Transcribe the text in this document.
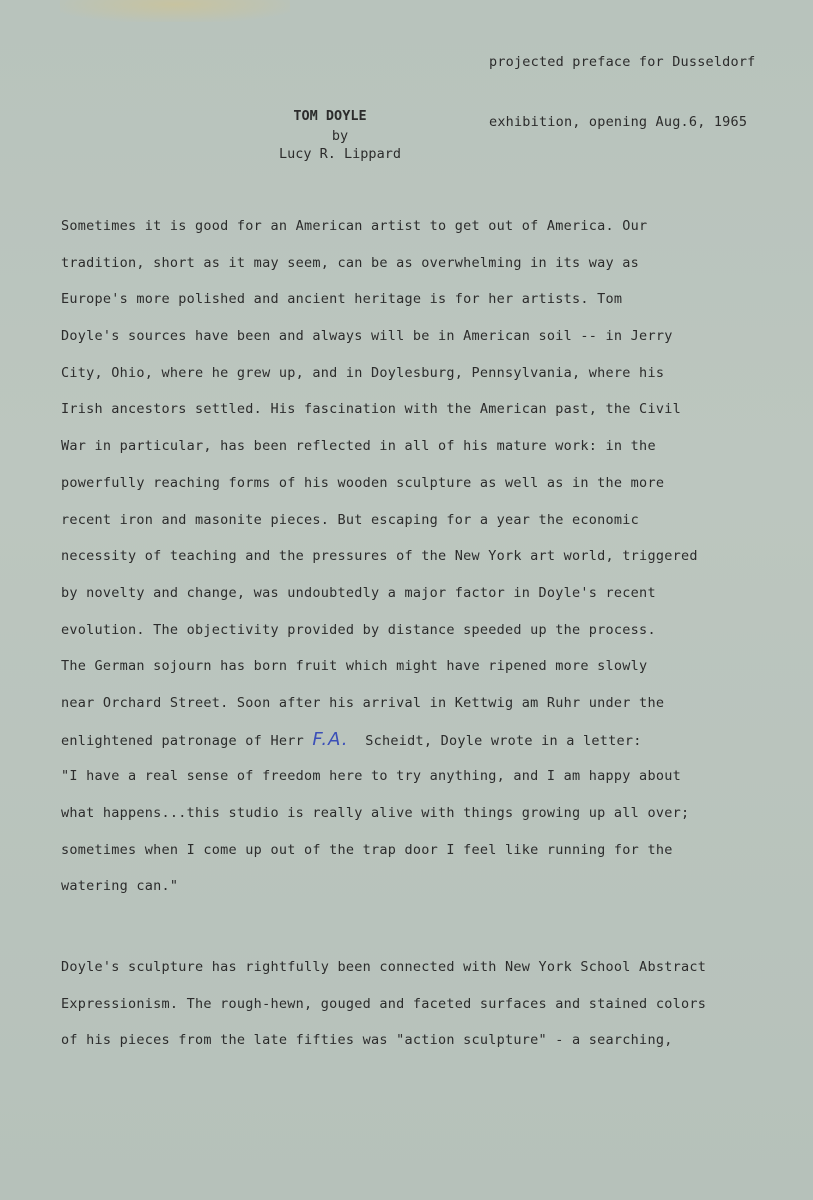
projected preface for Dusseldorf

exhibition, opening Aug.6, 1965

TOM DOYLE
by
Lucy R. Lippard
Sometimes it is good for an American artist to get out of America. Our
tradition, short as it may seem, can be as overwhelming in its way as
Europe's more polished and ancient heritage is for her artists. Tom
Doyle's sources have been and always will be in American soil -- in Jerry
City, Ohio, where he grew up, and in Doylesburg, Pennsylvania, where his
Irish ancestors settled. His fascination with the American past, the Civil
War in particular, has been reflected in all of his mature work: in the
powerfully reaching forms of his wooden sculpture as well as in the more
recent iron and masonite pieces. But escaping for a year the economic
necessity of teaching and the pressures of the New York art world, triggered
by novelty and change, was undoubtedly a major factor in Doyle's recent
evolution. The objectivity provided by distance speeded up the process.
The German sojourn has born fruit which might have ripened more slowly
near Orchard Street. Soon after his arrival in Kettwig am Ruhr under the
enlightened patronage of Herr F.A.  Scheidt, Doyle wrote in a letter:
"I have a real sense of freedom here to try anything, and I am happy about
what happens...this studio is really alive with things growing up all over;
sometimes when I come up out of the trap door I feel like running for the
watering can."
Doyle's sculpture has rightfully been connected with New York School Abstract
Expressionism. The rough-hewn, gouged and faceted surfaces and stained colors
of his pieces from the late fifties was "action sculpture" - a searching,
